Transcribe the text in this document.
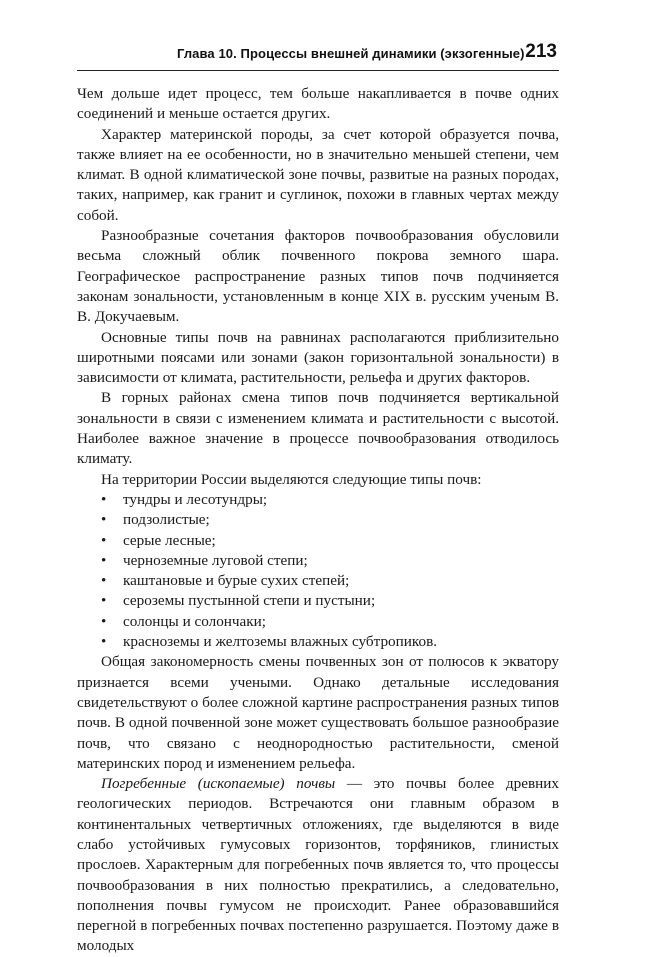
Глава 10. Процессы внешней динамики (экзогенные) 213

Чем дольше идет процесс, тем больше накапливается в почве одних соединений и меньше остается других.

Характер материнской породы, за счет которой образуется почва, также влияет на ее особенности, но в значительно меньшей степени, чем климат. В одной климатической зоне почвы, развитые на разных породах, таких, например, как гранит и суглинок, похожи в главных чертах между собой.

Разнообразные сочетания факторов почвообразования обусловили весьма сложный облик почвенного покрова земного шара. Географическое распространение разных типов почв подчиняется законам зональности, установленным в конце XIX в. русским ученым В. В. Докучаевым.

Основные типы почв на равнинах располагаются приблизительно широтными поясами или зонами (закон горизонтальной зональности) в зависимости от климата, растительности, рельефа и других факторов.

В горных районах смена типов почв подчиняется вертикальной зональности в связи с изменением климата и растительности с высотой. Наиболее важное значение в процессе почвообразования отводилось климату.

На территории России выделяются следующие типы почв:

• тундры и лесотундры;
• подзолистые;
• серые лесные;
• черноземные луговой степи;
• каштановые и бурые сухих степей;
• сероземы пустынной степи и пустыни;
• солонцы и солончаки;
• красноземы и желтоземы влажных субтропиков.

Общая закономерность смены почвенных зон от полюсов к экватору признается всеми учеными. Однако детальные исследования свидетельствуют о более сложной картине распространения разных типов почв. В одной почвенной зоне может существовать большое разнообразие почв, что связано с неоднородностью растительности, сменой материнских пород и изменением рельефа.

Погребенные (ископаемые) почвы — это почвы более древних геологических периодов. Встречаются они главным образом в континентальных четвертичных отложениях, где выделяются в виде слабо устойчивых гумусовых горизонтов, торфяников, глинистых прослоев. Характерным для погребенных почв является то, что процессы почвообразования в них полностью прекратились, а следовательно, пополнения почвы гумусом не происходит. Ранее образовавшийся перегной в погребенных почвах постепенно разрушается. Поэтому даже в молодых
